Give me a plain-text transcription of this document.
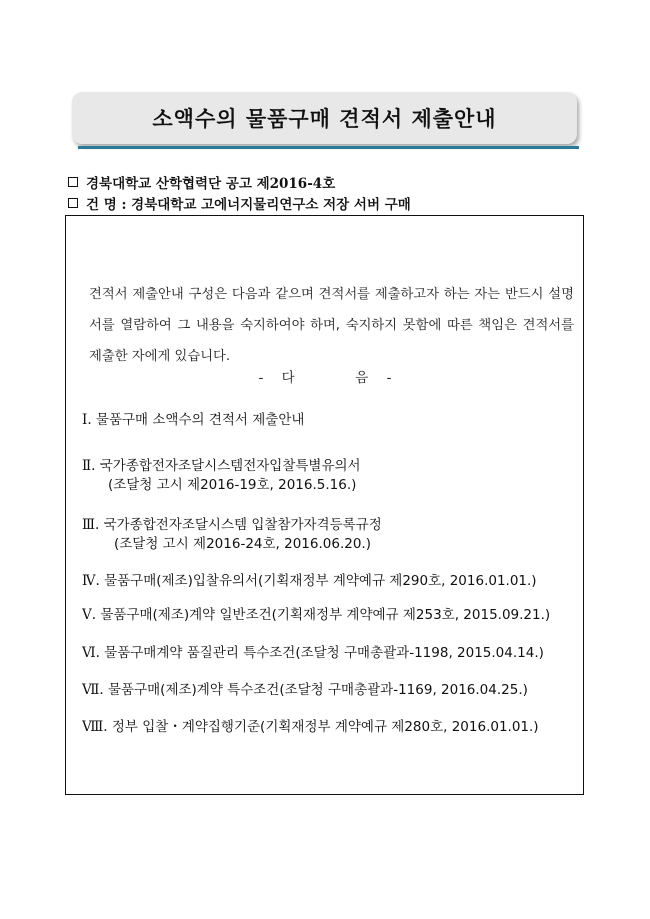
소액수의 물품구매 견적서 제출안내
경북대학교 산학협력단 공고 제2016-4호
건 명 : 경북대학교 고에너지물리연구소 저장 서버 구매
견적서 제출안내 구성은 다음과 같으며 견적서를 제출하고자 하는 자는 반드시 설명서를 열람하여 그 내용을 숙지하여야 하며, 숙지하지 못함에 따른 책임은 견적서를 제출한 자에게 있습니다.
- 다	음 -
Ⅰ. 물품구매 소액수의 견적서 제출안내
Ⅱ. 국가종합전자조달시스템전자입찰특별유의서
(조달청 고시 제2016-19호, 2016.5.16.)
Ⅲ. 국가종합전자조달시스템 입찰참가자격등록규정
(조달청 고시 제2016-24호, 2016.06.20.)
Ⅳ. 물품구매(제조)입찰유의서(기획재정부 계약예규 제290호, 2016.01.01.)
Ⅴ. 물품구매(제조)계약 일반조건(기획재정부 계약예규 제253호, 2015.09.21.)
Ⅵ. 물품구매계약 품질관리 특수조건(조달청 구매총괄과-1198, 2015.04.14.)
Ⅶ. 물품구매(제조)계약 특수조건(조달청 구매총괄과-1169, 2016.04.25.)
Ⅷ. 정부 입찰・계약집행기준(기획재정부 계약예규 제280호, 2016.01.01.)
